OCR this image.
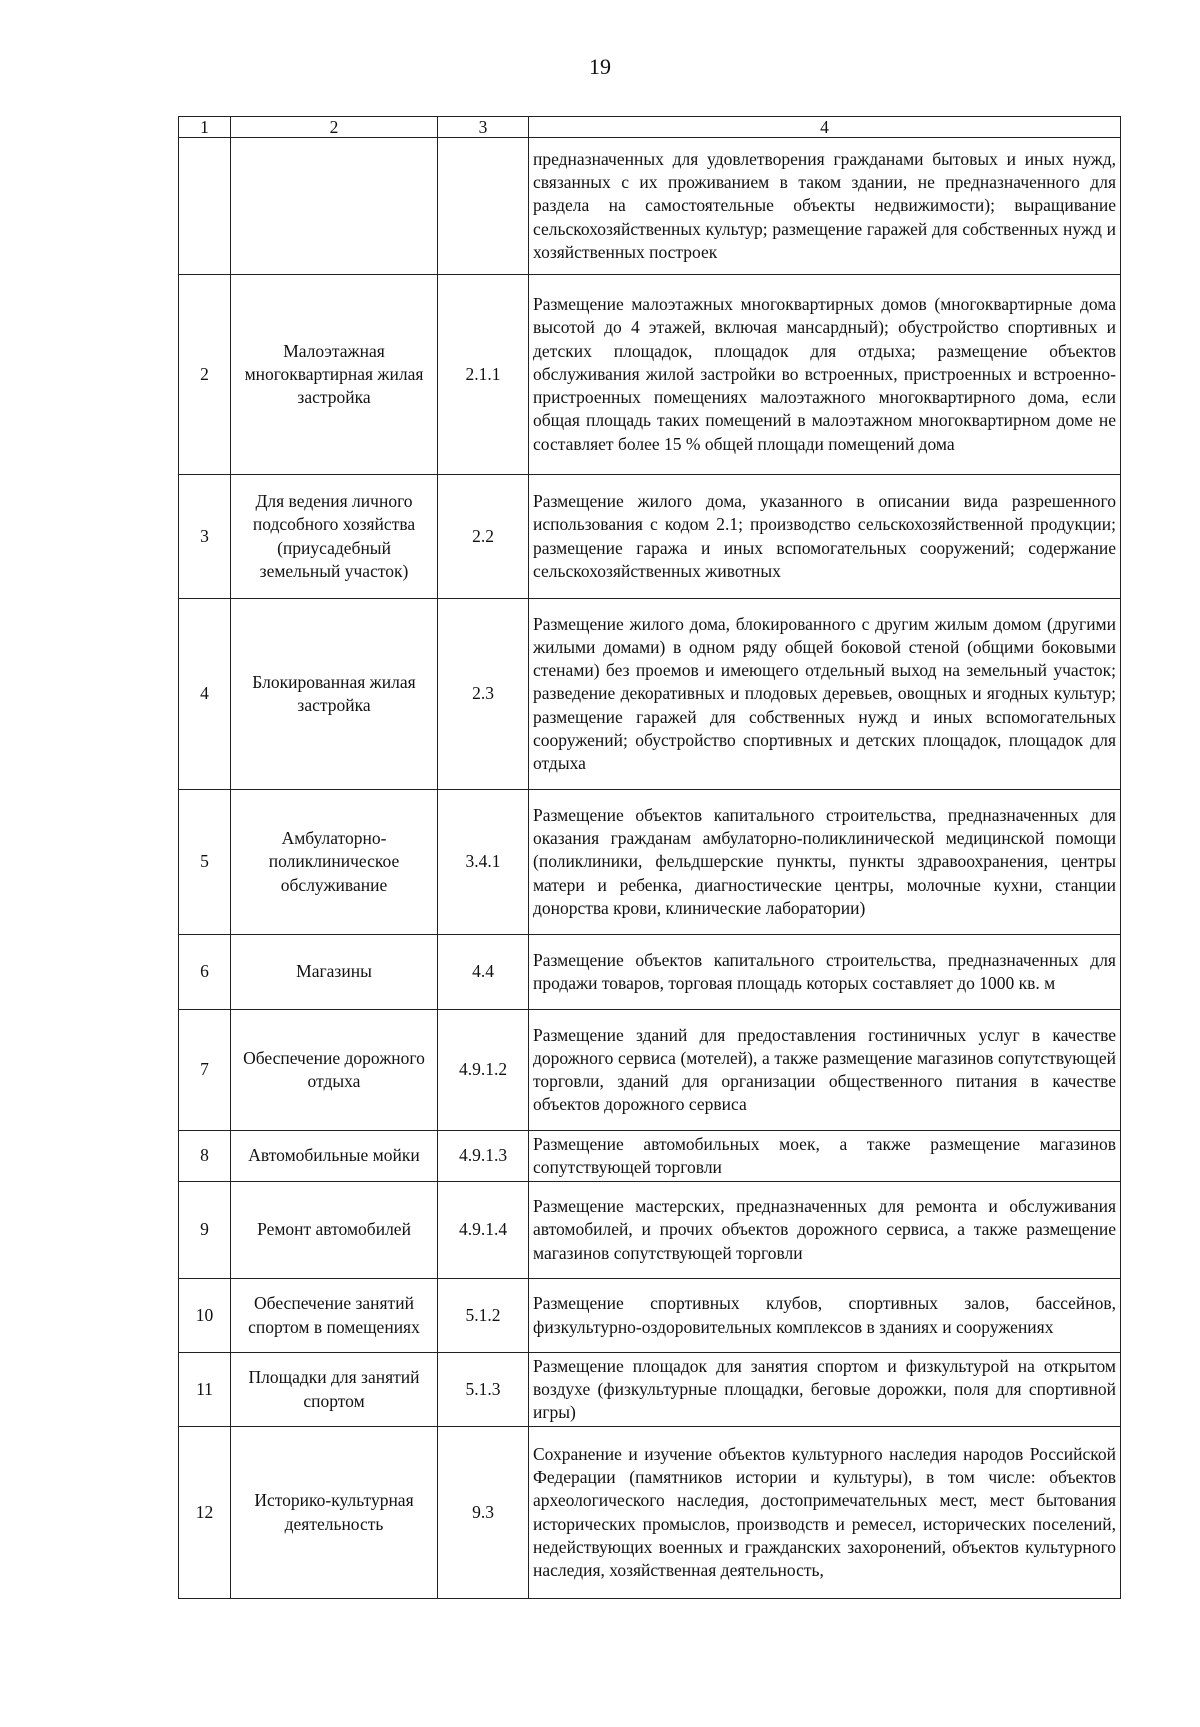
19
1	2	3	4
			предназначенных для удовлетворения гражданами бытовых и иных нужд, связанных с их проживанием в таком здании, не предназначенного для раздела на самостоятельные объекты недвижимости); выращивание сельскохозяйственных культур; размещение гаражей для собственных нужд и хозяйственных построек
2	Малоэтажная многоквартирная жилая застройка	2.1.1	Размещение малоэтажных многоквартирных домов (многоквартирные дома высотой до 4 этажей, включая мансардный); обустройство спортивных и детских площадок, площадок для отдыха; размещение объектов обслуживания жилой застройки во встроенных, пристроенных и встроенно-пристроенных помещениях малоэтажного многоквартирного дома, если общая площадь таких помещений в малоэтажном многоквартирном доме не составляет более 15 % общей площади помещений дома
3	Для ведения личного подсобного хозяйства (приусадебный земельный участок)	2.2	Размещение жилого дома, указанного в описании вида разрешенного использования с кодом 2.1; производство сельскохозяйственной продукции; размещение гаража и иных вспомогательных сооружений; содержание сельскохозяйственных животных
4	Блокированная жилая застройка	2.3	Размещение жилого дома, блокированного с другим жилым домом (другими жилыми домами) в одном ряду общей боковой стеной (общими боковыми стенами) без проемов и имеющего отдельный выход на земельный участок; разведение декоративных и плодовых деревьев, овощных и ягодных культур; размещение гаражей для собственных нужд и иных вспомогательных сооружений; обустройство спортивных и детских площадок, площадок для отдыха
5	Амбулаторно-поликлиническое обслуживание	3.4.1	Размещение объектов капитального строительства, предназначенных для оказания гражданам амбулаторно-поликлинической медицинской помощи (поликлиники, фельдшерские пункты, пункты здравоохранения, центры матери и ребенка, диагностические центры, молочные кухни, станции донорства крови, клинические лаборатории)
6	Магазины	4.4	Размещение объектов капитального строительства, предназначенных для продажи товаров, торговая площадь которых составляет до 1000 кв. м
7	Обеспечение дорожного отдыха	4.9.1.2	Размещение зданий для предоставления гостиничных услуг в качестве дорожного сервиса (мотелей), а также размещение магазинов сопутствующей торговли, зданий для организации общественного питания в качестве объектов дорожного сервиса
8	Автомобильные мойки	4.9.1.3	Размещение автомобильных моек, а также размещение магазинов сопутствующей торговли
9	Ремонт автомобилей	4.9.1.4	Размещение мастерских, предназначенных для ремонта и обслуживания автомобилей, и прочих объектов дорожного сервиса, а также размещение магазинов сопутствующей торговли
10	Обеспечение занятий спортом в помещениях	5.1.2	Размещение спортивных клубов, спортивных залов, бассейнов, физкультурно-оздоровительных комплексов в зданиях и сооружениях
11	Площадки для занятий спортом	5.1.3	Размещение площадок для занятия спортом и физкультурой на открытом воздухе (физкультурные площадки, беговые дорожки, поля для спортивной игры)
12	Историко-культурная деятельность	9.3	Сохранение и изучение объектов культурного наследия народов Российской Федерации (памятников истории и культуры), в том числе: объектов археологического наследия, достопримечательных мест, мест бытования исторических промыслов, производств и ремесел, исторических поселений, недействующих военных и гражданских захоронений, объектов культурного наследия, хозяйственная деятельность,
